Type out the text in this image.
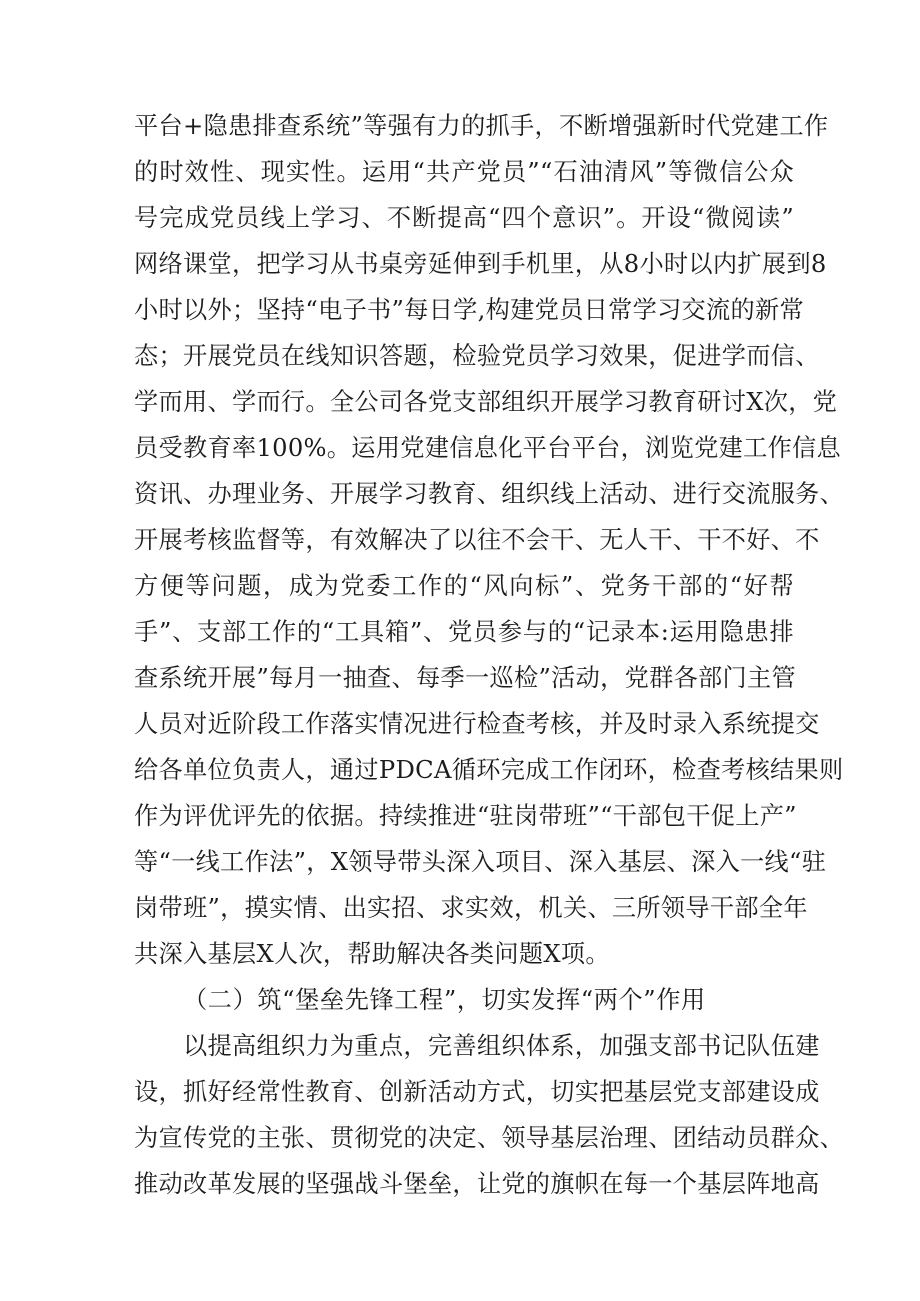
平台+隐患排查系统”等强有力的抓手，不断增强新时代党建工作

的时效性、现实性。运用“共产党员”“石油清风”等微信公众

号完成党员线上学习、不断提高“四个意识”。开设“微阅读”

网络课堂，把学习从书桌旁延伸到手机里，从8小时以内扩展到8

小时以外；坚持“电子书”每日学,构建党员日常学习交流的新常

态；开展党员在线知识答题，检验党员学习效果，促进学而信、

学而用、学而行。全公司各党支部组织开展学习教育研讨X次，党

员受教育率100%。运用党建信息化平台平台，浏览党建工作信息

资讯、办理业务、开展学习教育、组织线上活动、进行交流服务、

开展考核监督等，有效解决了以往不会干、无人干、干不好、不

方便等问题，成为党委工作的“风向标”、党务干部的“好帮

手”、支部工作的“工具箱”、党员参与的“记录本:运用隐患排

查系统开展”每月一抽查、每季一巡检”活动，党群各部门主管

人员对近阶段工作落实情况进行检查考核，并及时录入系统提交

给各单位负责人，通过PDCA循环完成工作闭环，检查考核结果则

作为评优评先的依据。持续推进“驻岗带班”“干部包干促上产”

等“一线工作法”，X领导带头深入项目、深入基层、深入一线“驻

岗带班”，摸实情、出实招、求实效，机关、三所领导干部全年

共深入基层X人次，帮助解决各类问题X项。

（二）筑“堡垒先锋工程”，切实发挥“两个”作用

以提高组织力为重点，完善组织体系，加强支部书记队伍建

设，抓好经常性教育、创新活动方式，切实把基层党支部建设成

为宣传党的主张、贯彻党的决定、领导基层治理、团结动员群众、

推动改革发展的坚强战斗堡垒，让党的旗帜在每一个基层阵地高
